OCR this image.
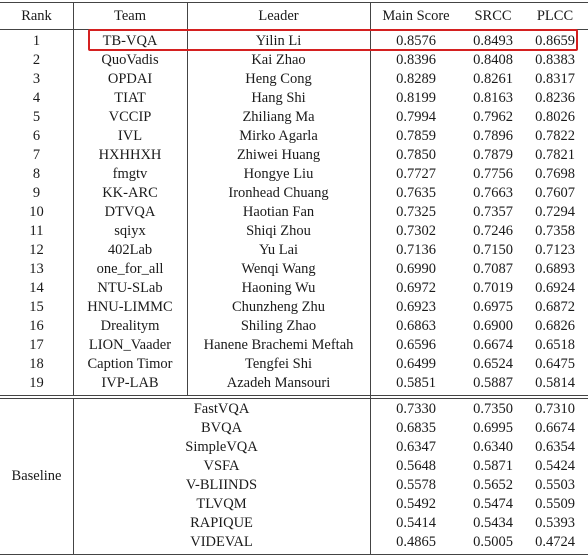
Rank	Team	Leader	Main Score	SRCC	PLCC
1	TB-VQA	Yilin Li	0.8576	0.8493	0.8659
2	QuoVadis	Kai Zhao	0.8396	0.8408	0.8383
3	OPDAI	Heng Cong	0.8289	0.8261	0.8317
4	TIAT	Hang Shi	0.8199	0.8163	0.8236
5	VCCIP	Zhiliang Ma	0.7994	0.7962	0.8026
6	IVL	Mirko Agarla	0.7859	0.7896	0.7822
7	HXHHXH	Zhiwei Huang	0.7850	0.7879	0.7821
8	fmgtv	Hongye Liu	0.7727	0.7756	0.7698
9	KK-ARC	Ironhead Chuang	0.7635	0.7663	0.7607
10	DTVQA	Haotian Fan	0.7325	0.7357	0.7294
11	sqiyx	Shiqi Zhou	0.7302	0.7246	0.7358
12	402Lab	Yu Lai	0.7136	0.7150	0.7123
13	one_for_all	Wenqi Wang	0.6990	0.7087	0.6893
14	NTU-SLab	Haoning Wu	0.6972	0.7019	0.6924
15	HNU-LIMMC	Chunzheng Zhu	0.6923	0.6975	0.6872
16	Drealitym	Shiling Zhao	0.6863	0.6900	0.6826
17	LION_Vaader	Hanene Brachemi Meftah	0.6596	0.6674	0.6518
18	Caption Timor	Tengfei Shi	0.6499	0.6524	0.6475
19	IVP-LAB	Azadeh Mansouri	0.5851	0.5887	0.5814
FastVQA	0.7330	0.7350	0.7310
BVQA	0.6835	0.6995	0.6674
SimpleVQA	0.6347	0.6340	0.6354
VSFA	0.5648	0.5871	0.5424
V-BLIINDS	0.5578	0.5652	0.5503
TLVQM	0.5492	0.5474	0.5509
RAPIQUE	0.5414	0.5434	0.5393
VIDEVAL	0.4865	0.5005	0.4724
Baseline
